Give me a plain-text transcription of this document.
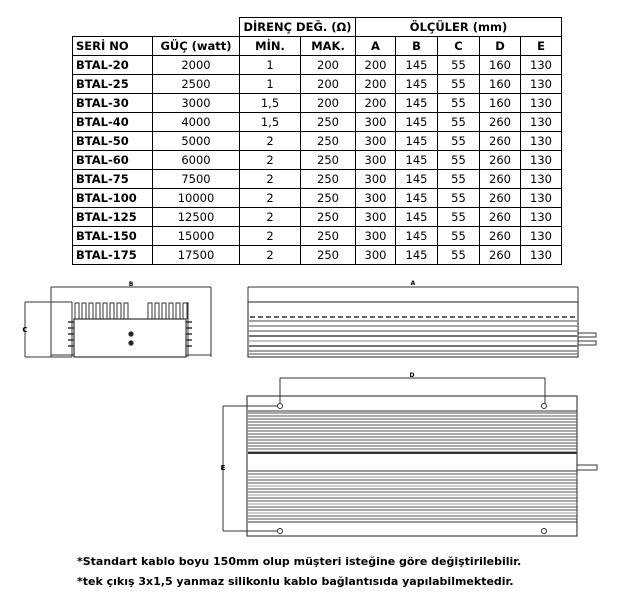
		DİRENÇ DEĞ. (Ω)		ÖLÇÜLER (mm)				
SERİ NO	GÜÇ (watt)	MİN.	MAK.	A	B	C	D	E
BTAL-20	2000	1	200	200	145	55	160	130
BTAL-25	2500	1	200	200	145	55	160	130
BTAL-30	3000	1,5	200	200	145	55	160	130
BTAL-40	4000	1,5	250	300	145	55	260	130
BTAL-50	5000	2	250	300	145	55	260	130
BTAL-60	6000	2	250	300	145	55	260	130
BTAL-75	7500	2	250	300	145	55	260	130
BTAL-100	10000	2	250	300	145	55	260	130
BTAL-125	12500	2	250	300	145	55	260	130
BTAL-150	15000	2	250	300	145	55	260	130
BTAL-175	17500	2	250	300	145	55	260	130
B
C
A
D
E
*Standart kablo boyu 150mm olup müşteri isteğine göre değiştirilebilir.
*tek çıkış 3x1,5 yanmaz silikonlu kablo bağlantısıda yapılabilmektedir.
